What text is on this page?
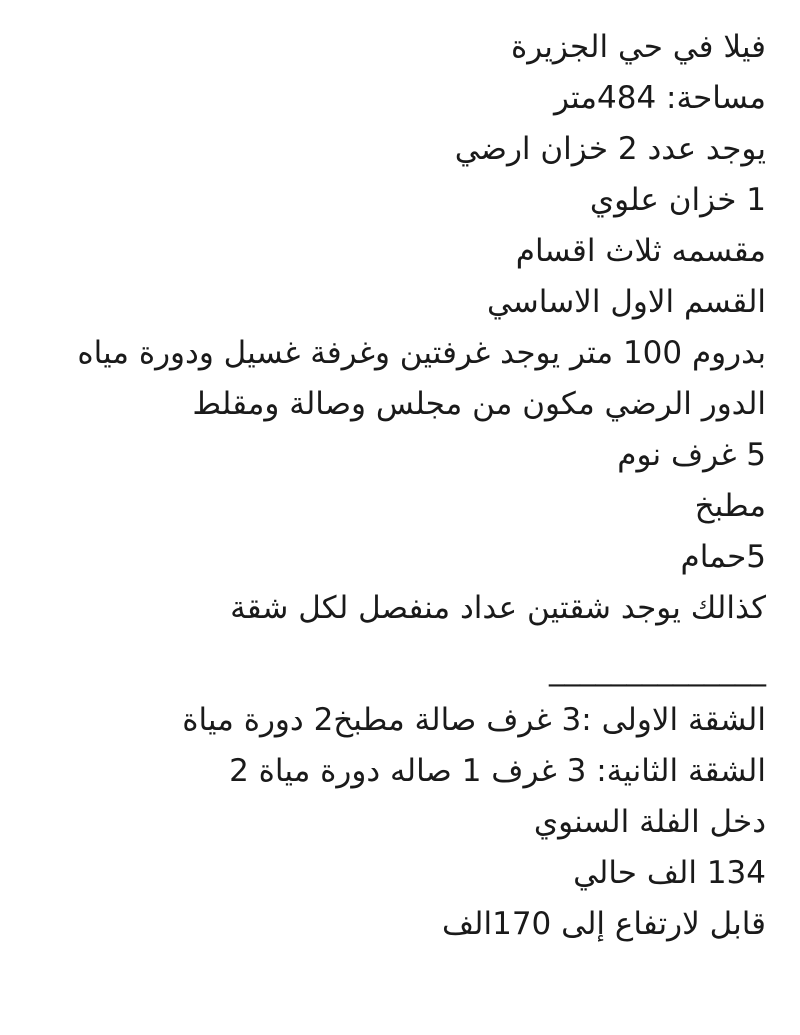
فيلا في حي الجزيرة
مساحة: 484متر
يوجد عدد 2 خزان ارضي
1 خزان علوي
مقسمه ثلاث اقسام
القسم الاول الاساسي
بدروم 100 متر يوجد غرفتين وغرفة غسيل ودورة مياه
الدور الرضي مكون من مجلس وصالة ومقلط
5 غرف نوم
مطبخ
5حمام
كذالك يوجد شقتين عداد منفصل لكل شقة
______________
الشقة الاولى :3 غرف صالة مطبخ2 دورة مياة
الشقة الثانية: 3 غرف 1 صاله دورة مياة 2
دخل الفلة السنوي
134 الف حالي
قابل لارتفاع إلى 170الف
